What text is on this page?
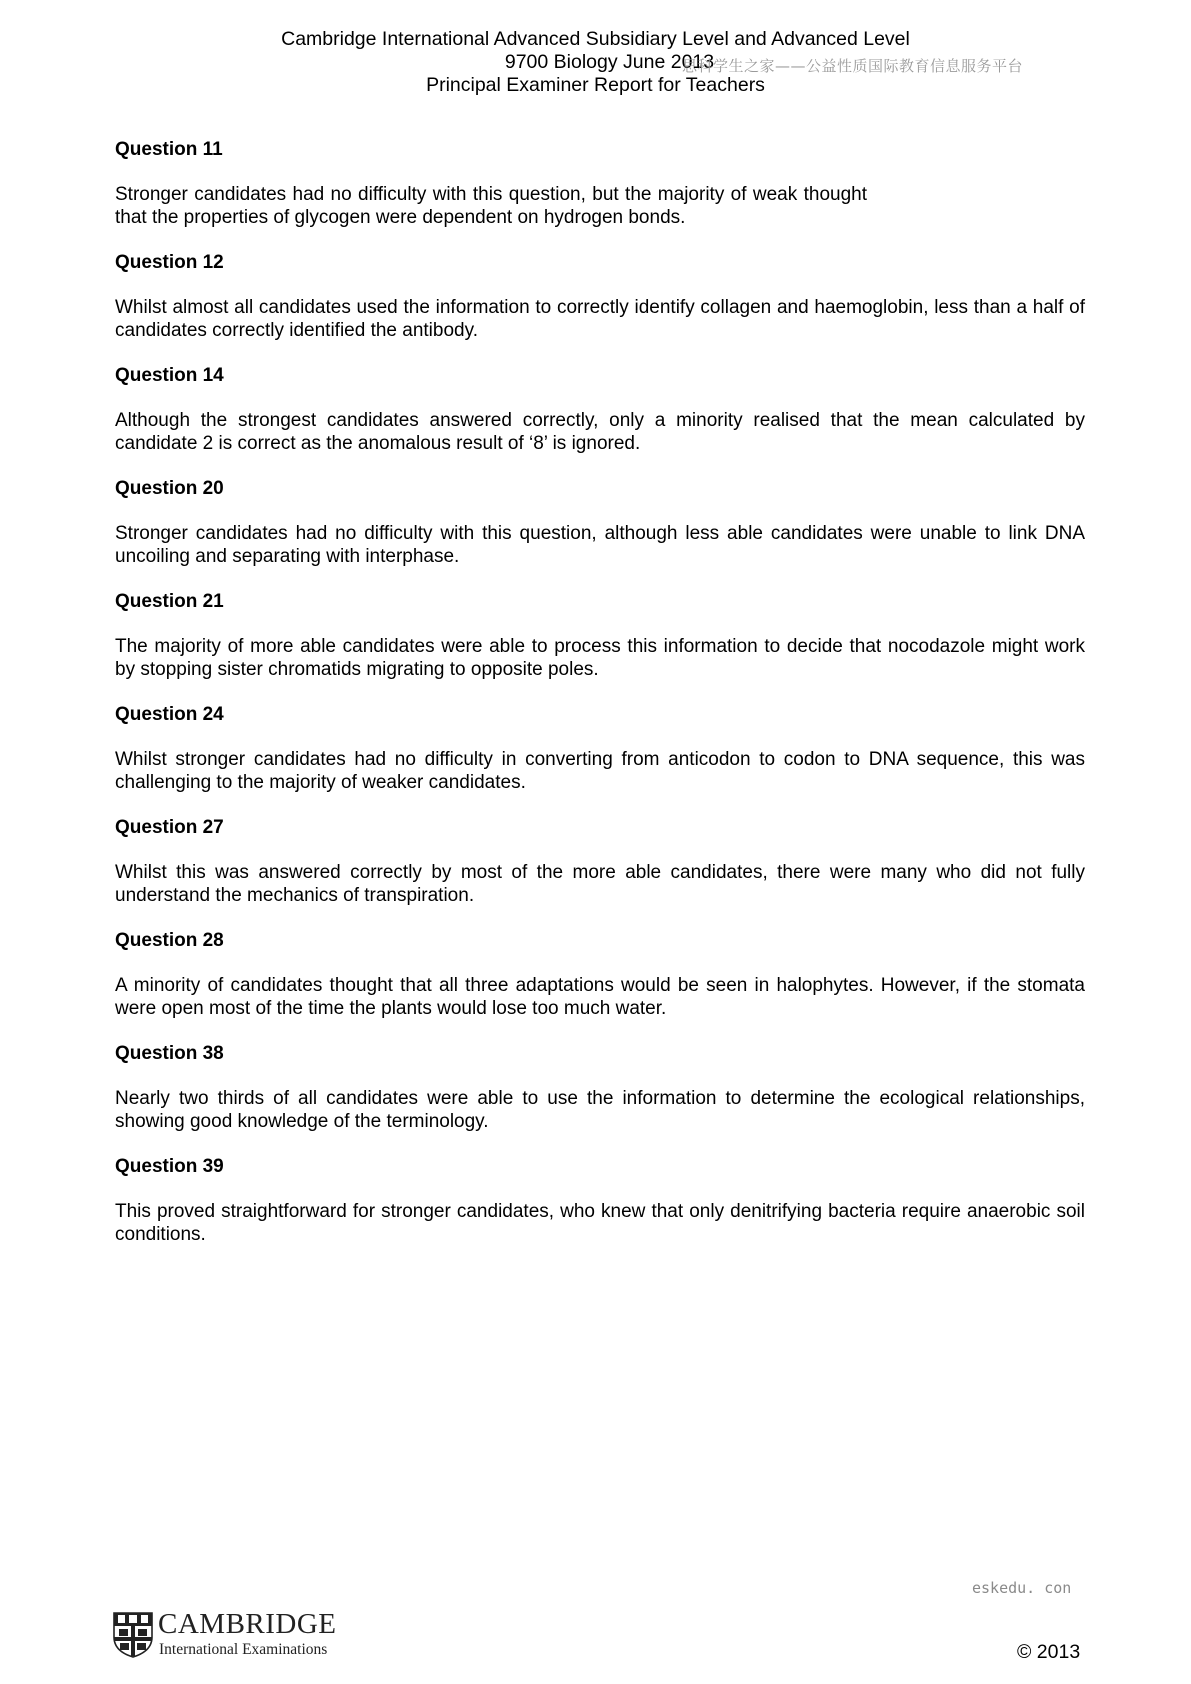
Cambridge International Advanced Subsidiary Level and Advanced Level
9700 Biology June 2013
Principal Examiner Report for Teachers
思科学生之家——公益性质国际教育信息服务平台
Question 11
Stronger candidates had no difficulty with this question, but the majority of weak thought that the properties of glycogen were dependent on hydrogen bonds.
Question 12
Whilst almost all candidates used the information to correctly identify collagen and haemoglobin, less than a half of candidates correctly identified the antibody.
Question 14
Although the strongest candidates answered correctly, only a minority realised that the mean calculated by candidate 2 is correct as the anomalous result of ‘8’ is ignored.
Question 20
Stronger candidates had no difficulty with this question, although less able candidates were unable to link DNA uncoiling and separating with interphase.
Question 21
The majority of more able candidates were able to process this information to decide that nocodazole might work by stopping sister chromatids migrating to opposite poles.
Question 24
Whilst stronger candidates had no difficulty in converting from anticodon to codon to DNA sequence, this was challenging to the majority of weaker candidates.
Question 27
Whilst this was answered correctly by most of the more able candidates, there were many who did not fully understand the mechanics of transpiration.
Question 28
A minority of candidates thought that all three adaptations would be seen in halophytes. However, if the stomata were open most of the time the plants would lose too much water.
Question 38
Nearly two thirds of all candidates were able to use the information to determine the ecological relationships, showing good knowledge of the terminology.
Question 39
This proved straightforward for stronger candidates, who knew that only denitrifying bacteria require anaerobic soil conditions.
eskedu. con
CAMBRIDGE
International Examinations	© 2013
